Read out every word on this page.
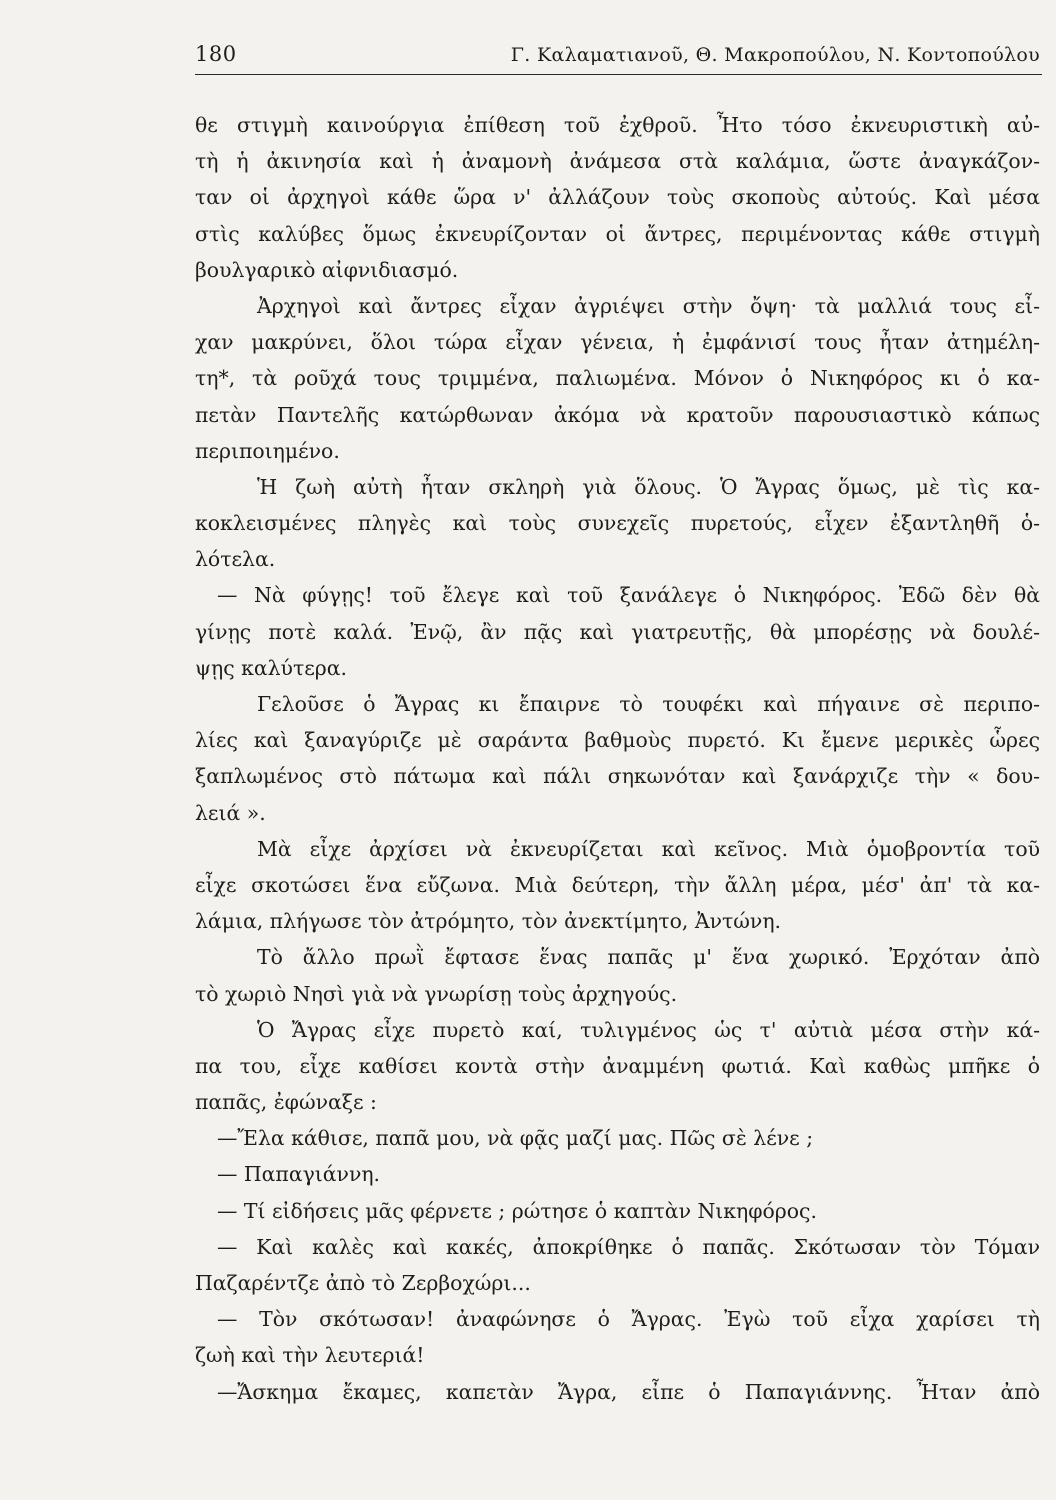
180	Γ. Καλαματιανοῦ, Θ. Μακροπούλου, Ν. Κοντοπούλου
θε στιγμὴ καινούργια ἐπίθεση τοῦ ἐχθροῦ. Ἦτο τόσο ἐκνευριστικὴ αὐ-
τὴ ἡ ἀκινησία καὶ ἡ ἀναμονὴ ἀνάμεσα στὰ καλάμια, ὥστε ἀναγκάζον-
ταν οἱ ἀρχηγοὶ κάθε ὥρα ν' ἀλλάζουν τοὺς σκοποὺς αὐτούς. Καὶ μέσα
στὶς καλύβες ὅμως ἐκνευρίζονταν οἱ ἄντρες, περιμένοντας κάθε στιγμὴ
βουλγαρικὸ αἰφνιδιασμό.
Ἀρχηγοὶ καὶ ἄντρες εἶχαν ἀγριέψει στὴν ὄψη· τὰ μαλλιά τους εἶ-
χαν μακρύνει, ὅλοι τώρα εἶχαν γένεια, ἡ ἐμφάνισί τους ἦταν ἀτημέλη-
τη*, τὰ ροῦχά τους τριμμένα, παλιωμένα. Μόνον ὁ Νικηφόρος κι ὁ κα-
πετὰν Παντελῆς κατώρθωναν ἀκόμα νὰ κρατοῦν παρουσιαστικὸ κάπως
περιποιημένο.
Ἡ ζωὴ αὐτὴ ἦταν σκληρὴ γιὰ ὅλους. Ὁ Ἄγρας ὅμως, μὲ τὶς κα-
κοκλεισμένες πληγὲς καὶ τοὺς συνεχεῖς πυρετούς, εἶχεν ἐξαντληθῆ ὁ-
λότελα.
— Νὰ φύγῃς! τοῦ ἔλεγε καὶ τοῦ ξανάλεγε ὁ Νικηφόρος. Ἐδῶ δὲν θὰ
γίνῃς ποτὲ καλά. Ἐνῷ, ἂν πᾷς καὶ γιατρευτῇς, θὰ μπορέσῃς νὰ δουλέ-
ψῃς καλύτερα.
Γελοῦσε ὁ Ἄγρας κι ἔπαιρνε τὸ τουφέκι καὶ πήγαινε σὲ περιπο-
λίες καὶ ξαναγύριζε μὲ σαράντα βαθμοὺς πυρετό. Κι ἔμενε μερικὲς ὧρες
ξαπλωμένος στὸ πάτωμα καὶ πάλι σηκωνόταν καὶ ξανάρχιζε τὴν « δου-
λειά ».
Μὰ εἶχε ἀρχίσει νὰ ἐκνευρίζεται καὶ κεῖνος. Μιὰ ὁμοβροντία τοῦ
εἶχε σκοτώσει ἕνα εὔζωνα. Μιὰ δεύτερη, τὴν ἄλλη μέρα, μέσ' ἀπ' τὰ κα-
λάμια, πλήγωσε τὸν ἀτρόμητο, τὸν ἀνεκτίμητο, Ἀντώνη.
Τὸ ἄλλο πρωῒ ἔφτασε ἕνας παπᾶς μ' ἕνα χωρικό. Ἐρχόταν ἀπὸ
τὸ χωριὸ Νησὶ γιὰ νὰ γνωρίσῃ τοὺς ἀρχηγούς.
Ὁ Ἄγρας εἶχε πυρετὸ καί, τυλιγμένος ὡς τ' αὐτιὰ μέσα στὴν κά-
πα του, εἶχε καθίσει κοντὰ στὴν ἀναμμένη φωτιά. Καὶ καθὼς μπῆκε ὁ
παπᾶς, ἐφώναξε :
—Ἔλα κάθισε, παπᾶ μου, νὰ φᾷς μαζί μας. Πῶς σὲ λένε ;
— Παπαγιάννη.
— Τί εἰδήσεις μᾶς φέρνετε ; ρώτησε ὁ καπτὰν Νικηφόρος.
— Καὶ καλὲς καὶ κακές, ἀποκρίθηκε ὁ παπᾶς. Σκότωσαν τὸν Τόμαν
Παζαρέντζε ἀπὸ τὸ Ζερβοχώρι...
— Τὸν σκότωσαν! ἀναφώνησε ὁ Ἄγρας. Ἐγὼ τοῦ εἶχα χαρίσει τὴ
ζωὴ καὶ τὴν λευτεριά!
—Ἄσκημα ἔκαμες, καπετὰν Ἄγρα, εἶπε ὁ Παπαγιάννης. Ἦταν ἀπὸ
